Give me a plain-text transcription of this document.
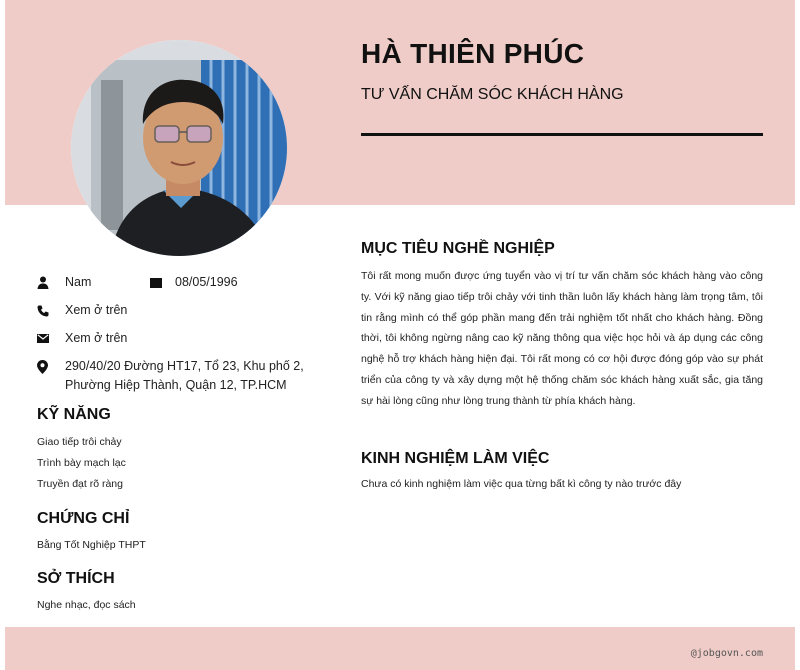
HÀ THIÊN PHÚC
TƯ VẤN CHĂM SÓC KHÁCH HÀNG
Nam	08/05/1996
Xem ở trên
Xem ở trên
290/40/20 Đường HT17, Tổ 23, Khu phố 2,
Phường Hiệp Thành, Quận 12, TP.HCM
KỸ NĂNG
Giao tiếp trôi chảy
Trình bày mạch lạc
Truyền đạt rõ ràng
CHỨNG CHỈ
Bằng Tốt Nghiệp THPT
SỞ THÍCH
Nghe nhạc, đọc sách
MỤC TIÊU NGHỀ NGHIỆP
Tôi rất mong muốn được ứng tuyển vào vị trí tư vấn chăm sóc khách hàng vào công ty. Với kỹ năng giao tiếp trôi chảy với tinh thần luôn lấy khách hàng làm trọng tâm, tôi tin rằng mình có thể góp phần mang đến trải nghiệm tốt nhất cho khách hàng. Đồng thời, tôi không ngừng nâng cao kỹ năng thông qua việc học hỏi và áp dụng các công nghệ hỗ trợ khách hàng hiện đại. Tôi rất mong có cơ hội được đóng góp vào sự phát triển của công ty và xây dựng một hệ thống chăm sóc khách hàng xuất sắc, gia tăng sự hài lòng cũng như lòng trung thành từ phía khách hàng.
KINH NGHIỆM LÀM VIỆC
Chưa có kinh nghiệm làm việc qua từng bất kì công ty nào trước đây
@jobgovn.com
